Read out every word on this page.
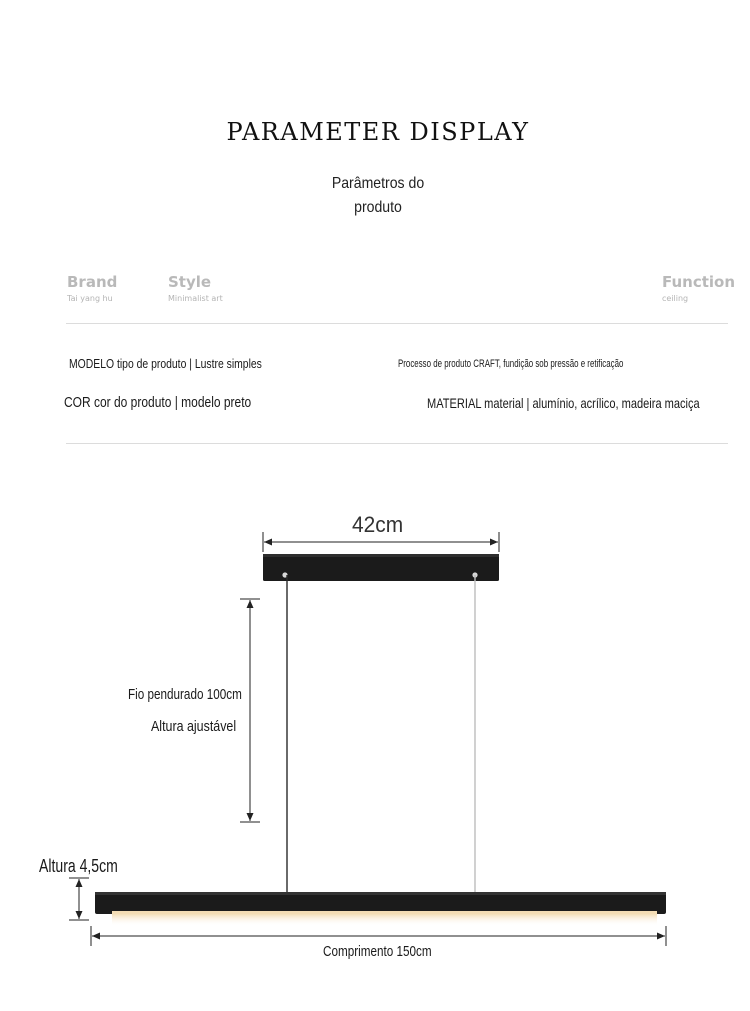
PARAMETER DISPLAY
Parâmetros do
produto
Brand
Tai yang hu
Style
Minimalist art
Function
ceiling
MODELO tipo de produto | Lustre simples	Processo de produto CRAFT, fundição sob pressão e retificação
COR cor do produto | modelo preto	MATERIAL material | alumínio, acrílico, madeira maciça
42cm
Fio pendurado 100cm
Altura ajustável
Altura 4,5cm
Comprimento 150cm
